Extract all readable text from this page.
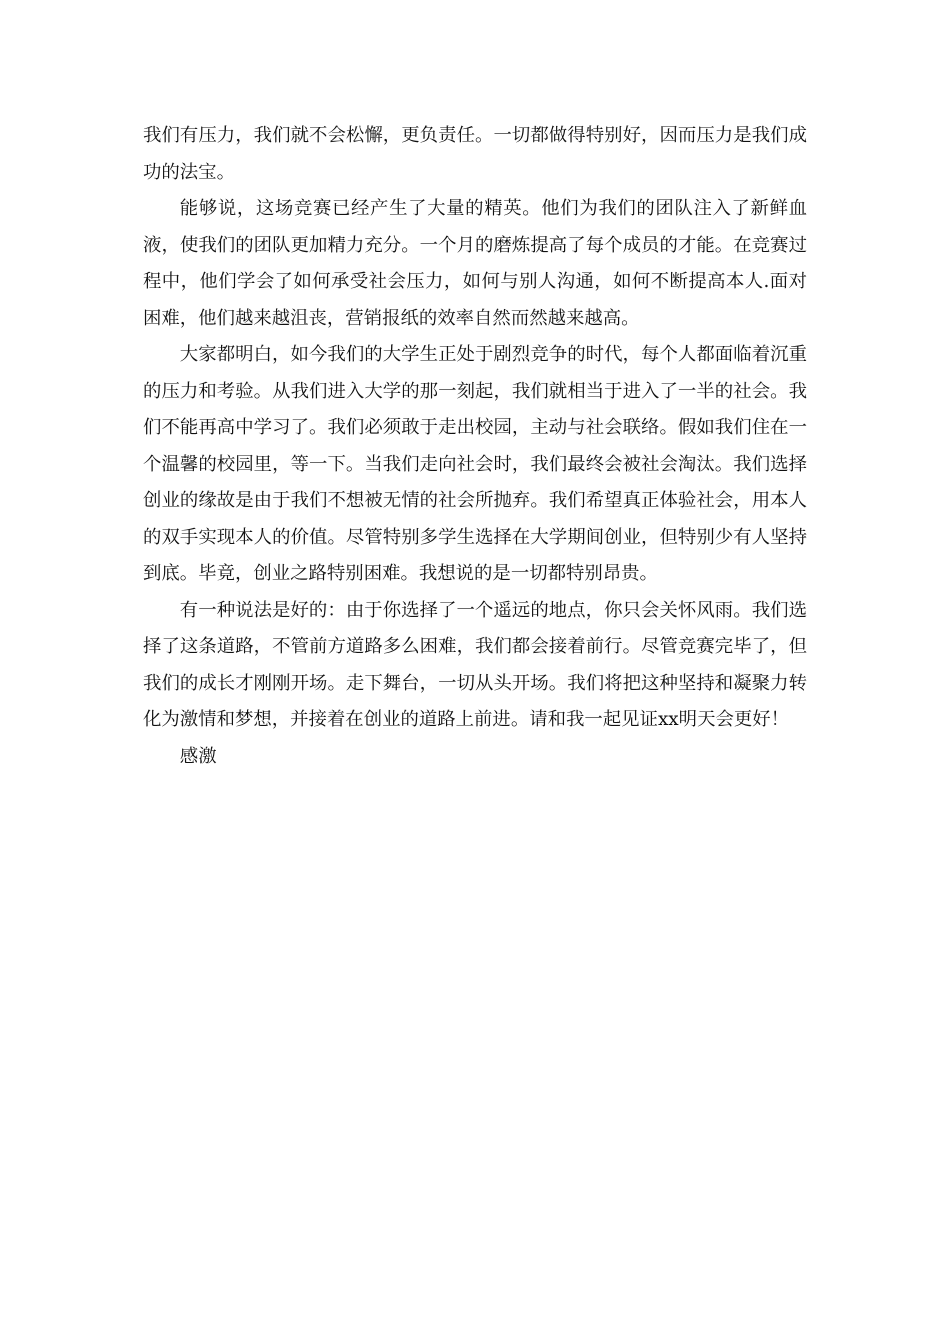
我们有压力，我们就不会松懈，更负责任。一切都做得特别好，因而压力是我们成功的法宝。

能够说，这场竞赛已经产生了大量的精英。他们为我们的团队注入了新鲜血液，使我们的团队更加精力充分。一个月的磨炼提高了每个成员的才能。在竞赛过程中，他们学会了如何承受社会压力，如何与别人沟通，如何不断提高本人.面对困难，他们越来越沮丧，营销报纸的效率自然而然越来越高。

大家都明白，如今我们的大学生正处于剧烈竞争的时代，每个人都面临着沉重的压力和考验。从我们进入大学的那一刻起，我们就相当于进入了一半的社会。我们不能再高中学习了。我们必须敢于走出校园，主动与社会联络。假如我们住在一个温馨的校园里，等一下。当我们走向社会时，我们最终会被社会淘汰。我们选择创业的缘故是由于我们不想被无情的社会所抛弃。我们希望真正体验社会，用本人的双手实现本人的价值。尽管特别多学生选择在大学期间创业，但特别少有人坚持到底。毕竟，创业之路特别困难。我想说的是一切都特别昂贵。

有一种说法是好的：由于你选择了一个遥远的地点，你只会关怀风雨。我们选择了这条道路，不管前方道路多么困难，我们都会接着前行。尽管竞赛完毕了，但我们的成长才刚刚开场。走下舞台，一切从头开场。我们将把这种坚持和凝聚力转化为激情和梦想，并接着在创业的道路上前进。请和我一起见证xx明天会更好！

感激
